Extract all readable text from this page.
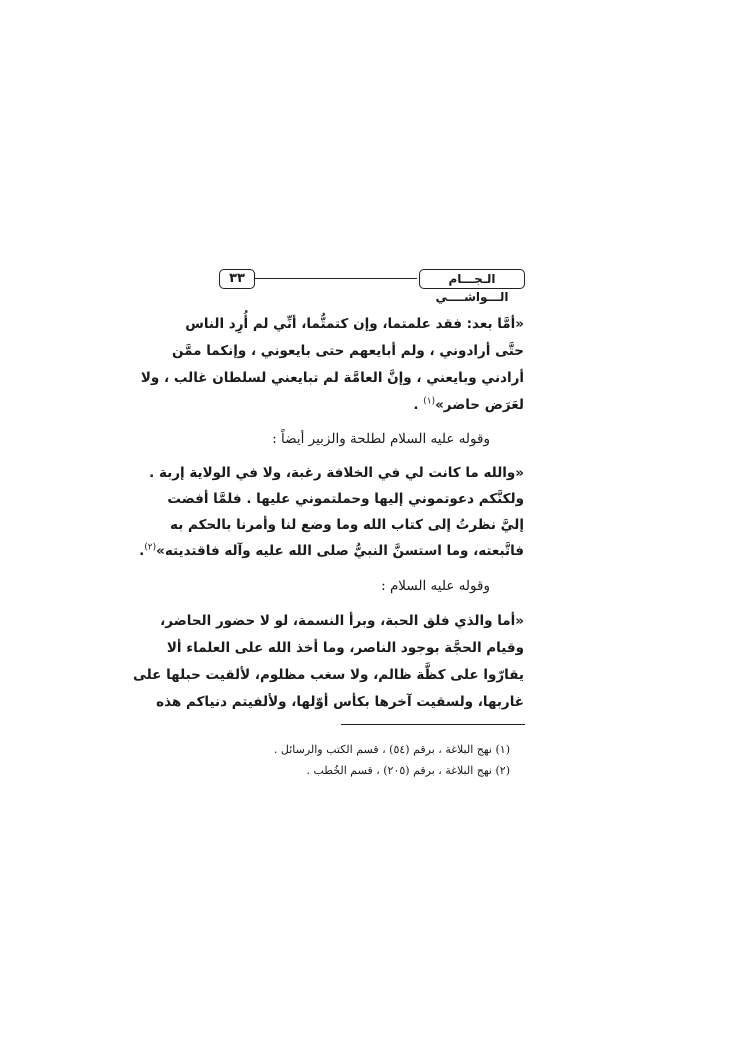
٣٣	الـجـــام الـــواشــــي
«أمَّا بعد: فقد علمتما، وإن كتمتُّما، أنِّي لم أُرِد الناس
حتَّى أرادوني ، ولم أبايعهم حتى بايعوني ، وإنكما ممَّن
أرادني وبايعني ، وإنَّ العامَّة لم تبايعني لسلطان غالب ، ولا
لعَرَض حاضر»$^{(١)}$ .
وقوله عليه السلام لطلحة والزبير أيضاً :
«والله ما كانت لي في الخلافة رغبة، ولا في الولاية إربة .
ولكنَّكم دعوتموني إليها وحملتموني عليها . فلمَّا أفضت
إليَّ نظرتُ إلى كتاب الله وما وضع لنا وأمرنا بالحكم به
فاتَّبعته، وما استسنَّ النبيُّ صلى الله عليه وآله فاقتديته»$^{(٢)}$.
وقوله عليه السلام :
«أما والذي فلق الحبة، وبرأ النسمة، لو لا حضور الحاضر،
وقيام الحجَّة بوجود الناصر، وما أخذ الله على العلماء ألا
يقارّوا على كظَّة ظالم، ولا سغب مظلوم، لألقيت حبلها على
غاربها، ولسقيت آخرها بكأس أوّلها، ولألفيتم دنياكم هذه
(١) نهج البلاغة ، برقم (٥٤) ، قسم الكتب والرسائل .
(٢) نهج البلاغة ، برقم (٢٠٥) ، قسم الخُطب .
